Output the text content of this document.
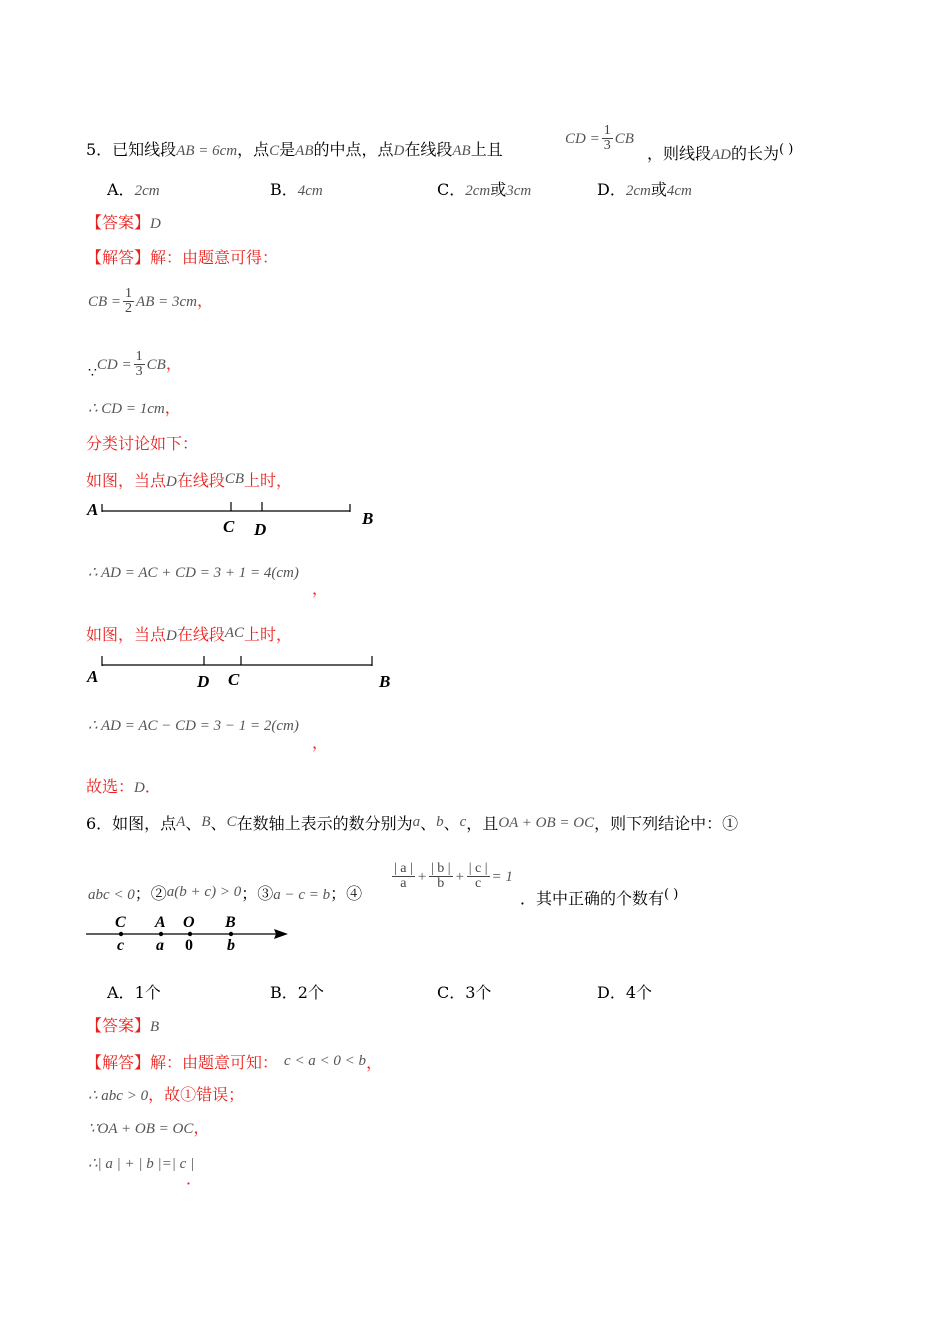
5．已知线段AB = 6cm，点C是AB的中点，点D在线段AB上且
CD = $\frac{1}{3}$ CB
，则线段AD的长为( )
A．2cm	B．4cm	C．2cm或3cm	D．2cm或4cm
【答案】D
【解答】解：由题意可得：
CB = $\frac{1}{2}$ AB = 3cm，
∵CD = $\frac{1}{3}$ CB，
∴ CD = 1cm，
分类讨论如下：
如图，当点D在线段CB上时，
A	B
C D
∴ AD = AC + CD = 3 + 1 = 4(cm)
，
如图，当点D在线段AC上时，
A	B
C
D
∴ AD = AC − CD = 3 − 1 = 2(cm)
，
故选：D．
6．如图，点A、B、C在数轴上表示的数分别为a、b、c，且OA + OB = OC，则下列结论中：①
abc < 0；②a(b + c) > 0；③a − c = b；④
$\frac{| a |}{a} + \frac{| b |}{b} + \frac{| c |}{c} = 1$
．其中正确的个数有( )
C A O B
c a 0 b
A．1个	B．2个	C．3个	D．4个
【答案】B
【解答】解：由题意可知： c < a < 0 < b，
∴ abc > 0，故①错误；
∵OA + OB = OC，
∴| a | + | b |=| c |
．
